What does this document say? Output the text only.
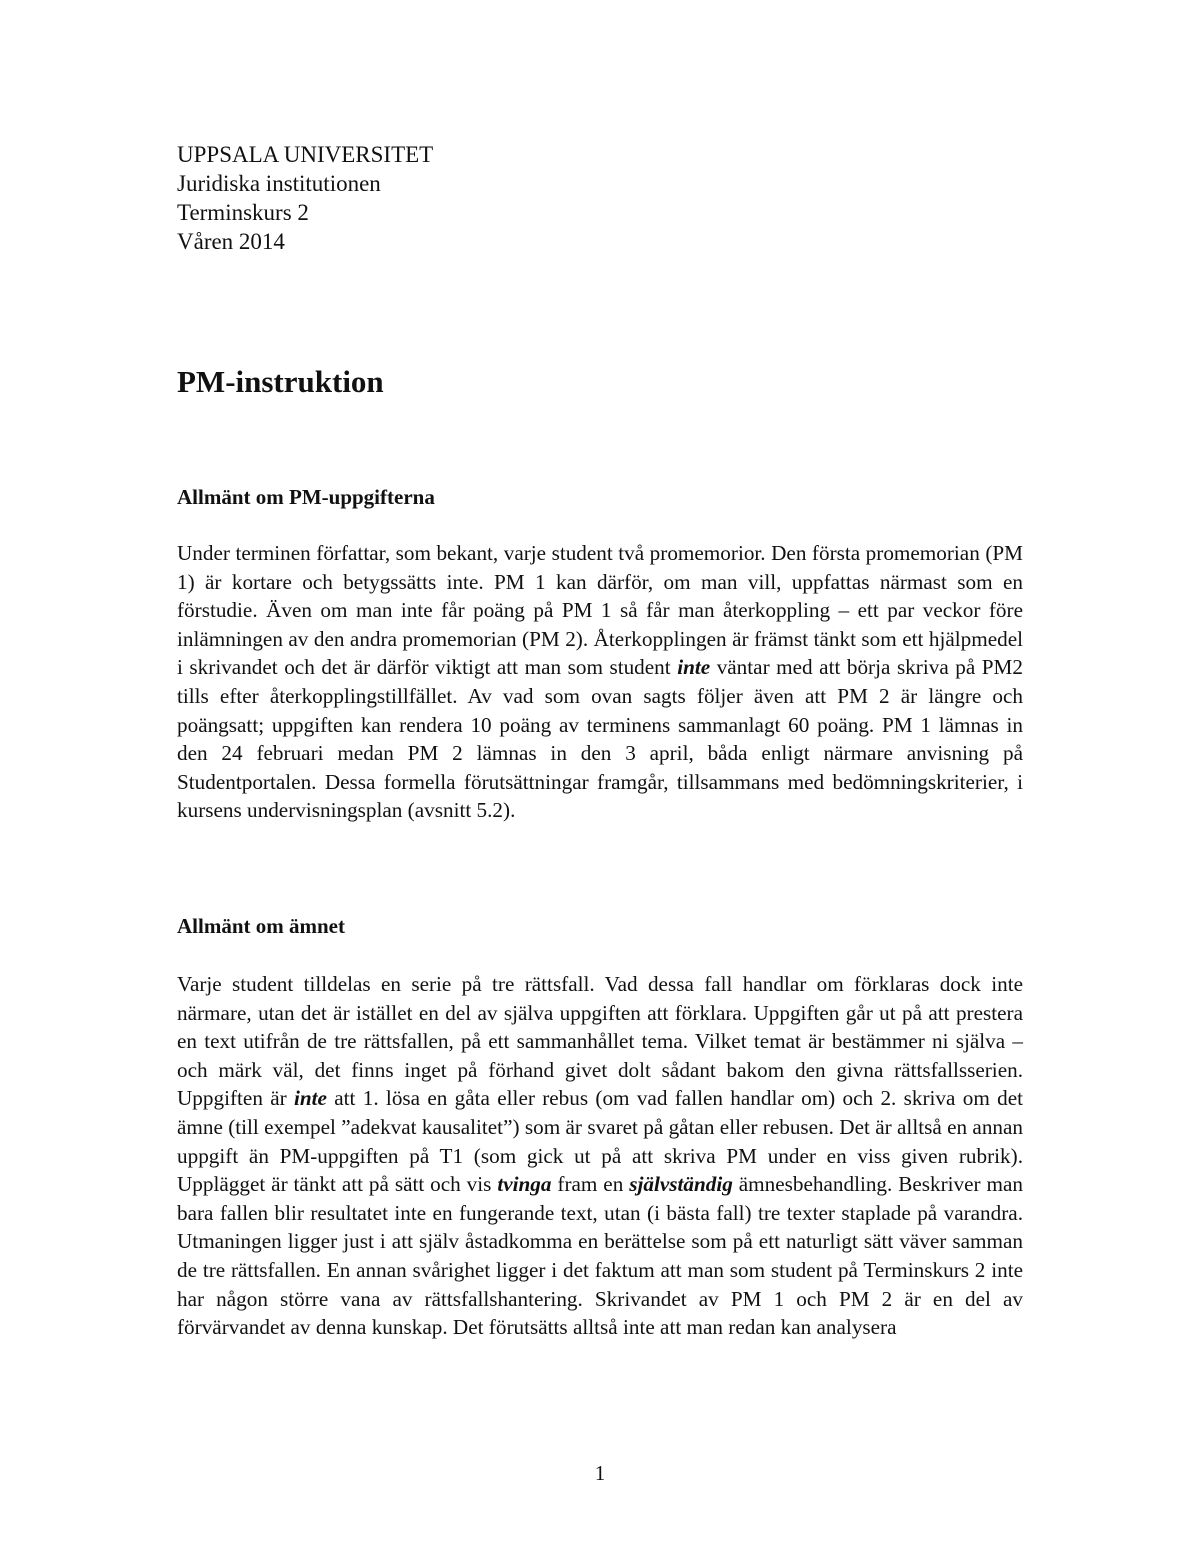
UPPSALA UNIVERSITET
Juridiska institutionen
Terminskurs 2
Våren 2014
PM-instruktion
Allmänt om PM-uppgifterna

Under terminen författar, som bekant, varje student två promemorior. Den första promemorian (PM 1) är kortare och betygssätts inte. PM 1 kan därför, om man vill, uppfattas närmast som en förstudie. Även om man inte får poäng på PM 1 så får man återkoppling – ett par veckor före inlämningen av den andra promemorian (PM 2). Återkopplingen är främst tänkt som ett hjälpmedel i skrivandet och det är därför viktigt att man som student inte väntar med att börja skriva på PM2 tills efter återkopplingstillfället. Av vad som ovan sagts följer även att PM 2 är längre och poängsatt; uppgiften kan rendera 10 poäng av terminens sammanlagt 60 poäng. PM 1 lämnas in den 24 februari medan PM 2 lämnas in den 3 april, båda enligt närmare anvisning på Studentportalen. Dessa formella förutsättningar framgår, tillsammans med bedömningskriterier, i kursens undervisningsplan (avsnitt 5.2).

Allmänt om ämnet

Varje student tilldelas en serie på tre rättsfall. Vad dessa fall handlar om förklaras dock inte närmare, utan det är istället en del av själva uppgiften att förklara. Uppgiften går ut på att prestera en text utifrån de tre rättsfallen, på ett sammanhållet tema. Vilket temat är bestämmer ni själva – och märk väl, det finns inget på förhand givet dolt sådant bakom den givna rättsfallsserien. Uppgiften är inte att 1. lösa en gåta eller rebus (om vad fallen handlar om) och 2. skriva om det ämne (till exempel ”adekvat kausalitet”) som är svaret på gåtan eller rebusen. Det är alltså en annan uppgift än PM-uppgiften på T1 (som gick ut på att skriva PM under en viss given rubrik). Upplägget är tänkt att på sätt och vis tvinga fram en självständig ämnesbehandling. Beskriver man bara fallen blir resultatet inte en fungerande text, utan (i bästa fall) tre texter staplade på varandra. Utmaningen ligger just i att själv åstadkomma en berättelse som på ett naturligt sätt väver samman de tre rättsfallen. En annan svårighet ligger i det faktum att man som student på Terminskurs 2 inte har någon större vana av rättsfallshantering. Skrivandet av PM 1 och PM 2 är en del av förvärvandet av denna kunskap. Det förutsätts alltså inte att man redan kan analysera

1
